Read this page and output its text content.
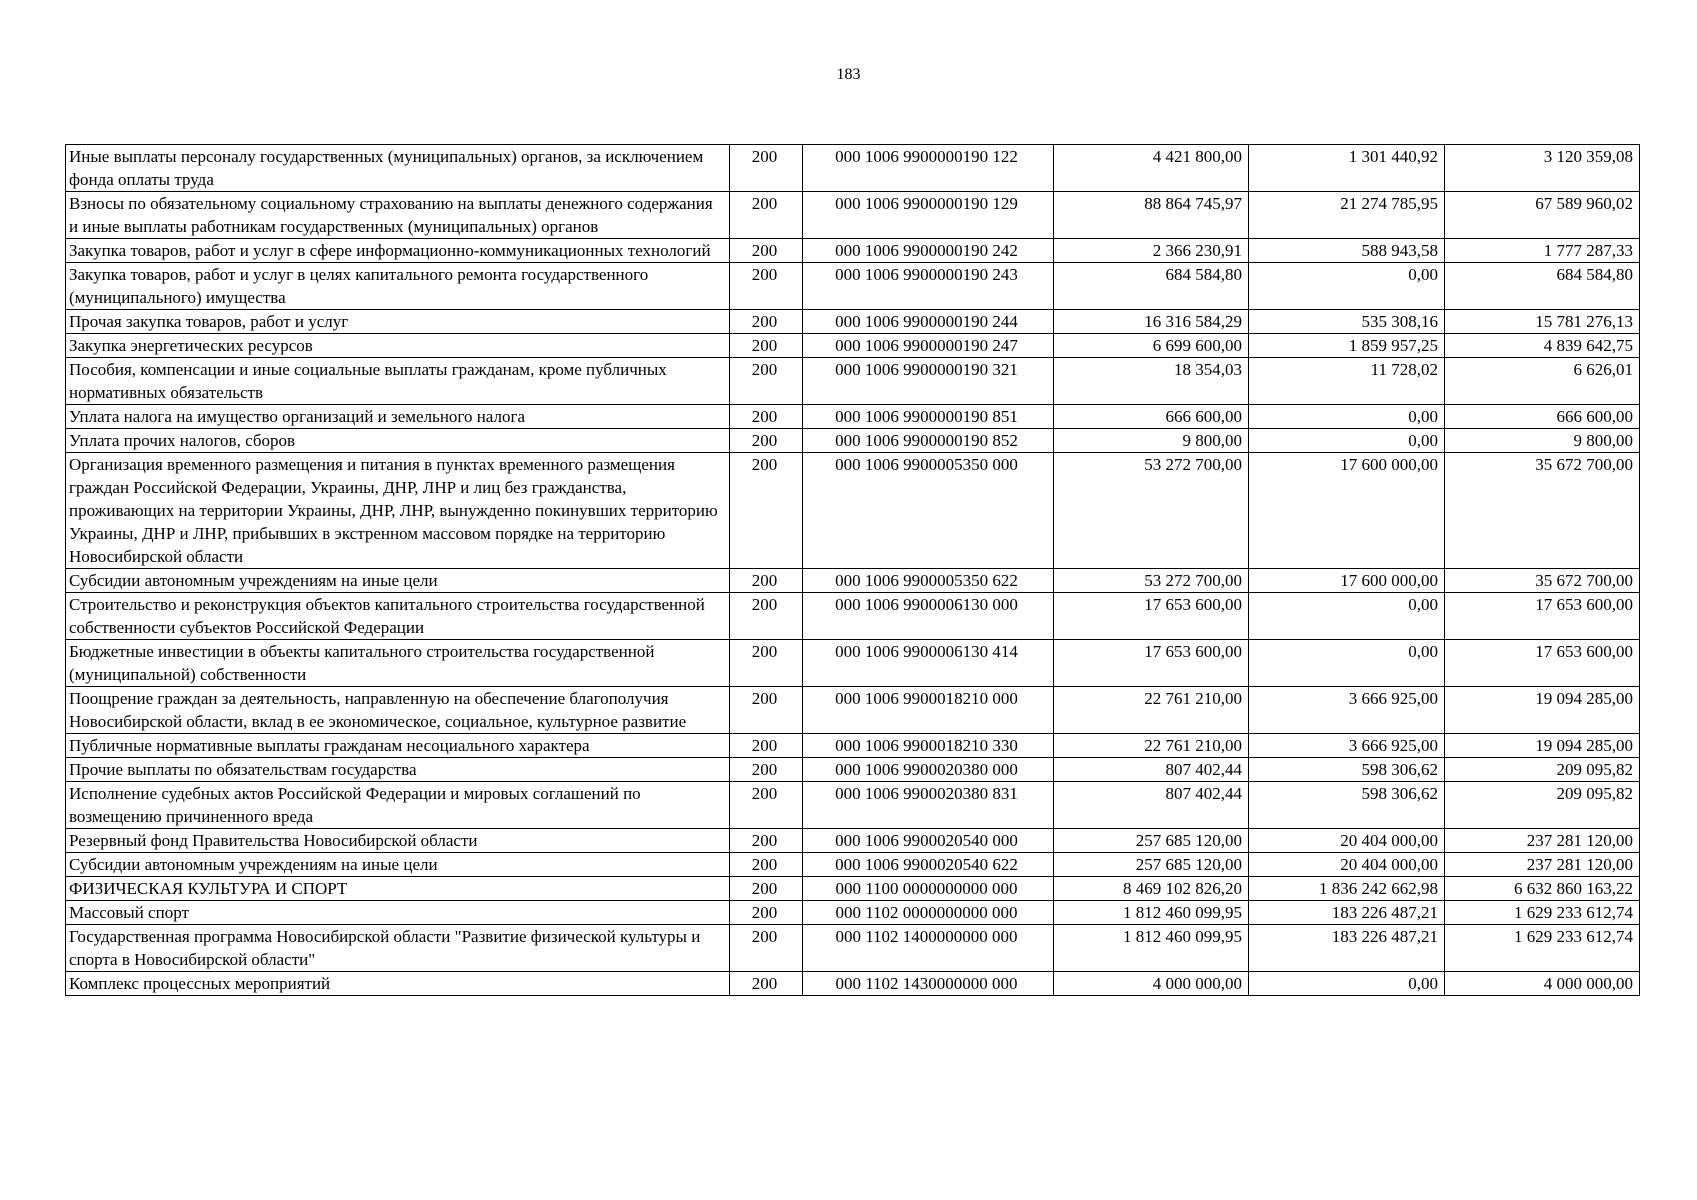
183
Иные выплаты персоналу государственных (муниципальных) органов, за исключением фонда оплаты труда	200	000 1006 9900000190 122	4 421 800,00	1 301 440,92	3 120 359,08
Взносы по обязательному социальному страхованию на выплаты денежного содержания и иные выплаты работникам государственных (муниципальных) органов	200	000 1006 9900000190 129	88 864 745,97	21 274 785,95	67 589 960,02
Закупка товаров, работ и услуг в сфере информационно-коммуникационных технологий	200	000 1006 9900000190 242	2 366 230,91	588 943,58	1 777 287,33
Закупка товаров, работ и услуг в целях капитального ремонта государственного (муниципального) имущества	200	000 1006 9900000190 243	684 584,80	0,00	684 584,80
Прочая закупка товаров, работ и услуг	200	000 1006 9900000190 244	16 316 584,29	535 308,16	15 781 276,13
Закупка энергетических ресурсов	200	000 1006 9900000190 247	6 699 600,00	1 859 957,25	4 839 642,75
Пособия, компенсации и иные социальные выплаты гражданам, кроме публичных нормативных обязательств	200	000 1006 9900000190 321	18 354,03	11 728,02	6 626,01
Уплата налога на имущество организаций и земельного налога	200	000 1006 9900000190 851	666 600,00	0,00	666 600,00
Уплата прочих налогов, сборов	200	000 1006 9900000190 852	9 800,00	0,00	9 800,00
Организация временного размещения и питания в пунктах временного размещения граждан Российской Федерации, Украины, ДНР, ЛНР и лиц без гражданства, проживающих на территории Украины, ДНР, ЛНР, вынужденно покинувших территорию Украины, ДНР и ЛНР, прибывших в экстренном массовом порядке на территорию Новосибирской области	200	000 1006 9900005350 000	53 272 700,00	17 600 000,00	35 672 700,00
Субсидии автономным учреждениям на иные цели	200	000 1006 9900005350 622	53 272 700,00	17 600 000,00	35 672 700,00
Строительство и реконструкция объектов капитального строительства государственной собственности субъектов Российской Федерации	200	000 1006 9900006130 000	17 653 600,00	0,00	17 653 600,00
Бюджетные инвестиции в объекты капитального строительства государственной (муниципальной) собственности	200	000 1006 9900006130 414	17 653 600,00	0,00	17 653 600,00
Поощрение граждан за деятельность, направленную на обеспечение благополучия Новосибирской области, вклад в ее экономическое, социальное, культурное развитие	200	000 1006 9900018210 000	22 761 210,00	3 666 925,00	19 094 285,00
Публичные нормативные выплаты гражданам несоциального характера	200	000 1006 9900018210 330	22 761 210,00	3 666 925,00	19 094 285,00
Прочие выплаты по обязательствам государства	200	000 1006 9900020380 000	807 402,44	598 306,62	209 095,82
Исполнение судебных актов Российской Федерации и мировых соглашений по возмещению причиненного вреда	200	000 1006 9900020380 831	807 402,44	598 306,62	209 095,82
Резервный фонд Правительства Новосибирской области	200	000 1006 9900020540 000	257 685 120,00	20 404 000,00	237 281 120,00
Субсидии автономным учреждениям на иные цели	200	000 1006 9900020540 622	257 685 120,00	20 404 000,00	237 281 120,00
ФИЗИЧЕСКАЯ КУЛЬТУРА И СПОРТ	200	000 1100 0000000000 000	8 469 102 826,20	1 836 242 662,98	6 632 860 163,22
Массовый спорт	200	000 1102 0000000000 000	1 812 460 099,95	183 226 487,21	1 629 233 612,74
Государственная программа Новосибирской области "Развитие физической культуры и спорта в Новосибирской области"	200	000 1102 1400000000 000	1 812 460 099,95	183 226 487,21	1 629 233 612,74
Комплекс процессных мероприятий	200	000 1102 1430000000 000	4 000 000,00	0,00	4 000 000,00
